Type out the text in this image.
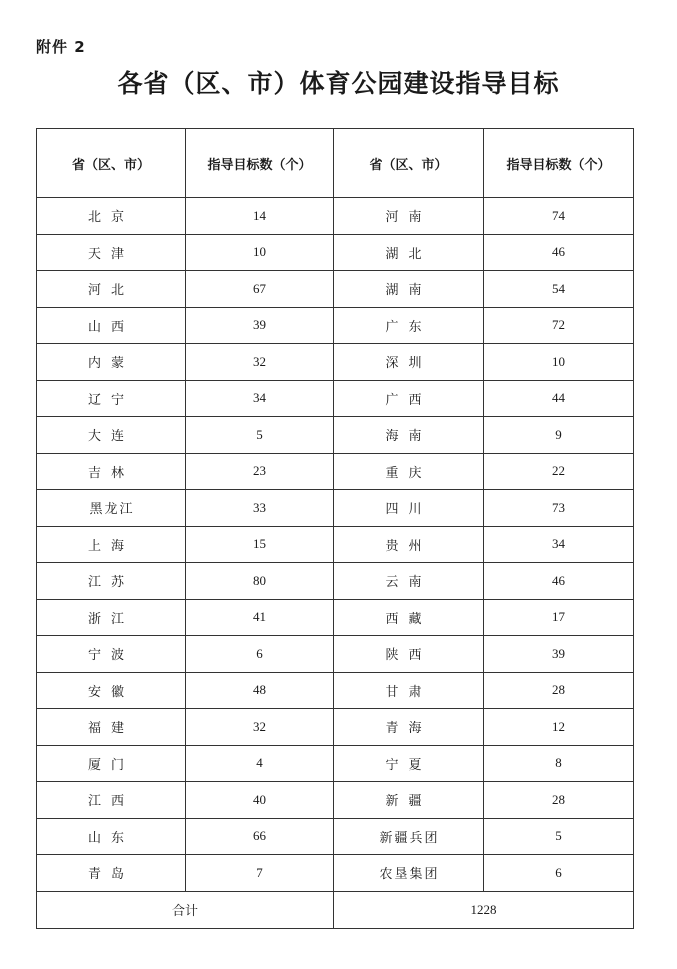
附件 2
各省（区、市）体育公园建设指导目标
省（区、市）	指导目标数（个）	省（区、市）	指导目标数（个）
北京	14	河南	74
天津	10	湖北	46
河北	67	湖南	54
山西	39	广东	72
内蒙	32	深圳	10
辽宁	34	广西	44
大连	5	海南	9
吉林	23	重庆	22
黑龙江	33	四川	73
上海	15	贵州	34
江苏	80	云南	46
浙江	41	西藏	17
宁波	6	陕西	39
安徽	48	甘肃	28
福建	32	青海	12
厦门	4	宁夏	8
江西	40	新疆	28
山东	66	新疆兵团	5
青岛	7	农垦集团	6
合计		1228	
